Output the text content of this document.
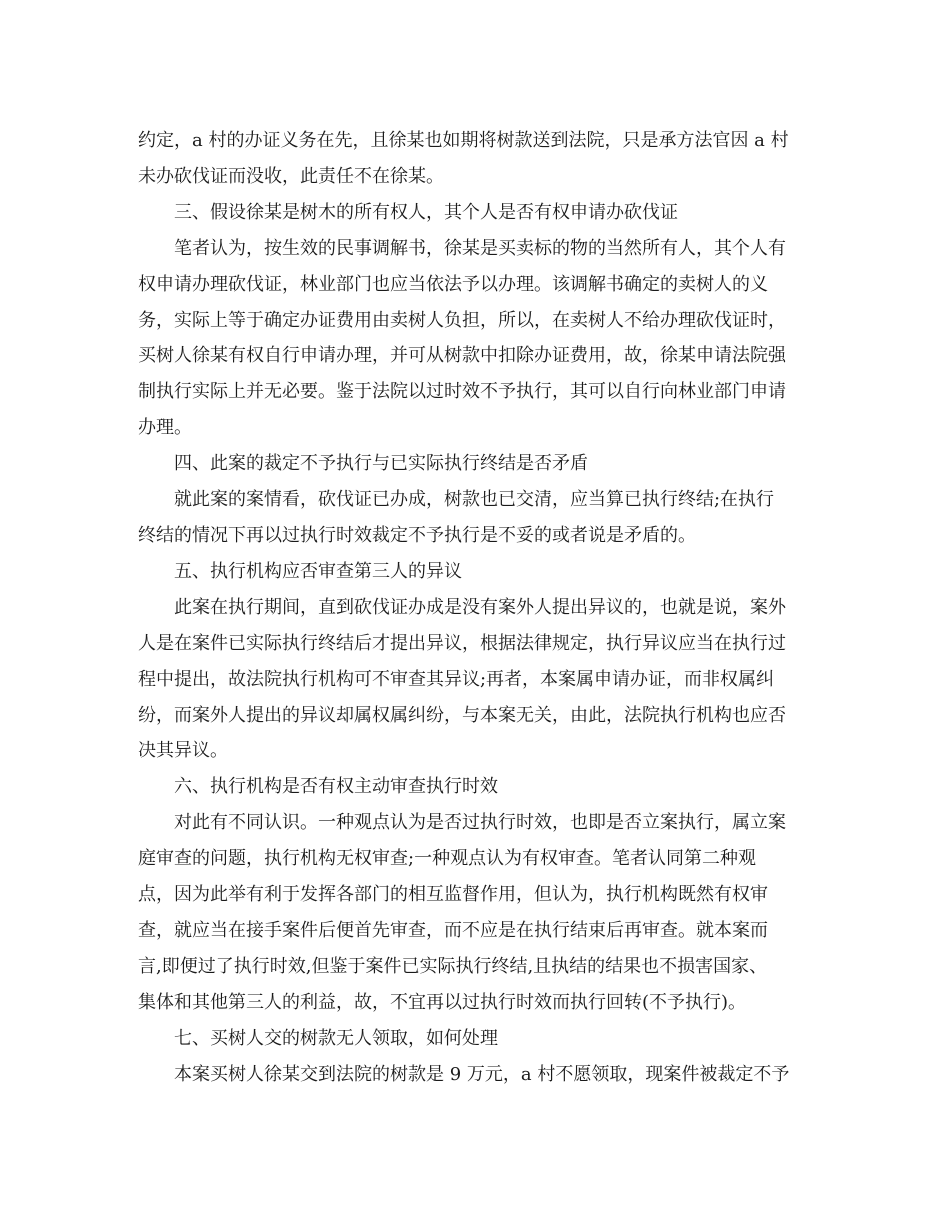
约定，a 村的办证义务在先，且徐某也如期将树款送到法院，只是承方法官因 a 村
未办砍伐证而没收，此责任不在徐某。

三、假设徐某是树木的所有权人，其个人是否有权申请办砍伐证

笔者认为，按生效的民事调解书，徐某是买卖标的物的当然所有人，其个人有
权申请办理砍伐证，林业部门也应当依法予以办理。该调解书确定的卖树人的义
务，实际上等于确定办证费用由卖树人负担，所以，在卖树人不给办理砍伐证时，
买树人徐某有权自行申请办理，并可从树款中扣除办证费用，故，徐某申请法院强
制执行实际上并无必要。鉴于法院以过时效不予执行，其可以自行向林业部门申请
办理。

四、此案的裁定不予执行与已实际执行终结是否矛盾

就此案的案情看，砍伐证已办成，树款也已交清，应当算已执行终结;在执行
终结的情况下再以过执行时效裁定不予执行是不妥的或者说是矛盾的。

五、执行机构应否审查第三人的异议

此案在执行期间，直到砍伐证办成是没有案外人提出异议的，也就是说，案外
人是在案件已实际执行终结后才提出异议，根据法律规定，执行异议应当在执行过
程中提出，故法院执行机构可不审查其异议;再者，本案属申请办证，而非权属纠
纷，而案外人提出的异议却属权属纠纷，与本案无关，由此，法院执行机构也应否
决其异议。

六、执行机构是否有权主动审查执行时效

对此有不同认识。一种观点认为是否过执行时效，也即是否立案执行，属立案
庭审查的问题，执行机构无权审查;一种观点认为有权审查。笔者认同第二种观
点，因为此举有利于发挥各部门的相互监督作用，但认为，执行机构既然有权审
查，就应当在接手案件后便首先审查，而不应是在执行结束后再审查。就本案而
言,即便过了执行时效,但鉴于案件已实际执行终结,且执结的结果也不损害国家、
集体和其他第三人的利益，故，不宜再以过执行时效而执行回转(不予执行)。

七、买树人交的树款无人领取，如何处理

本案买树人徐某交到法院的树款是 9 万元，a 村不愿领取，现案件被裁定不予
